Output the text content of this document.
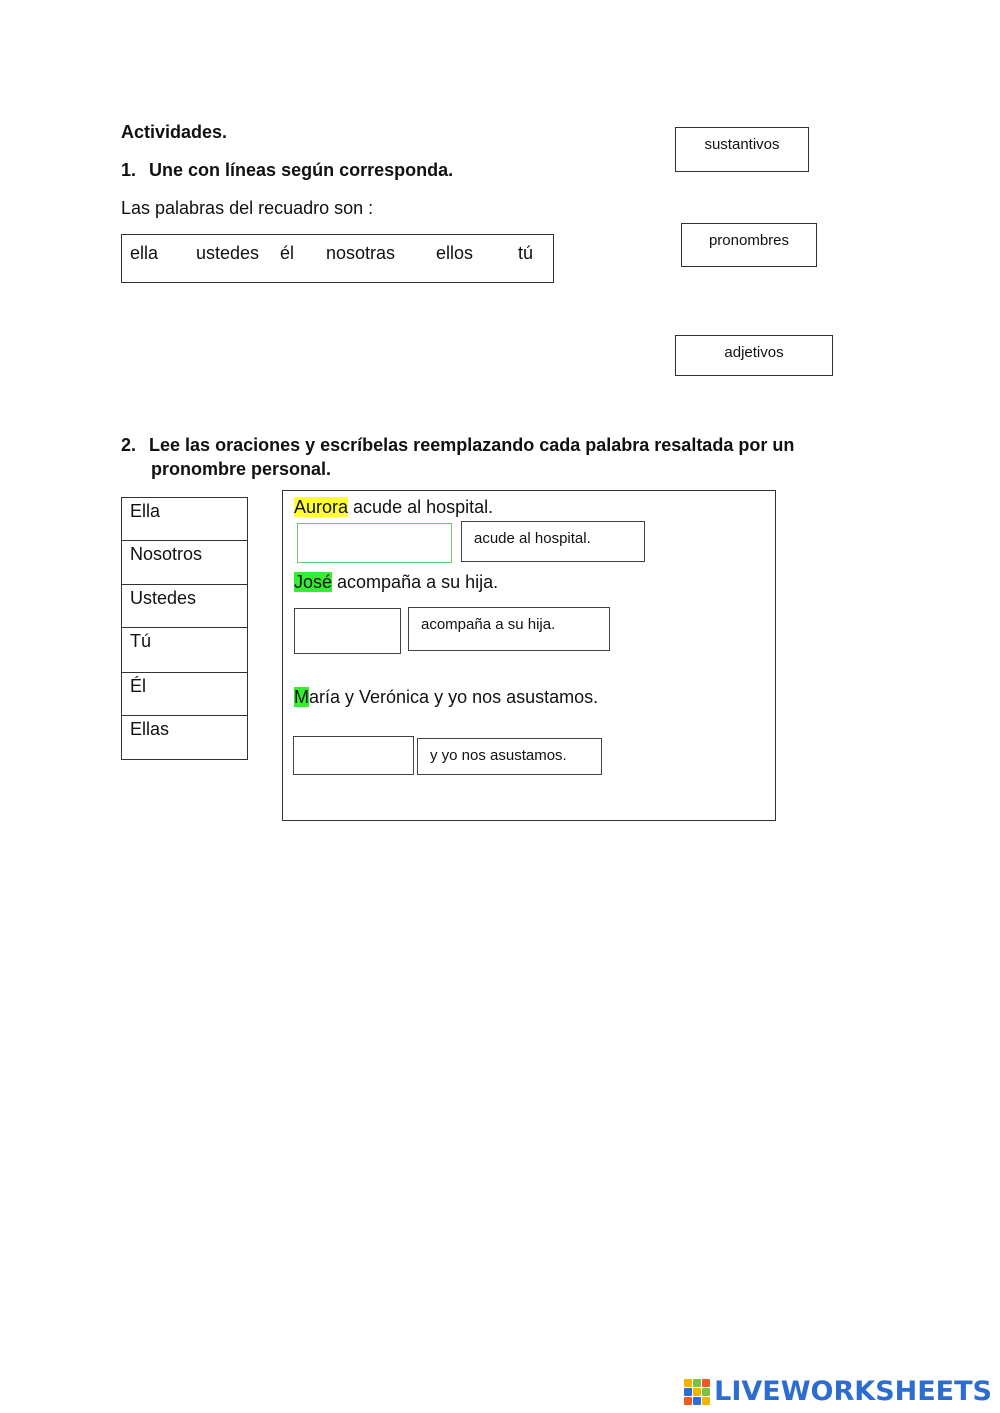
Actividades.
1. Une con líneas según corresponda.
Las palabras del recuadro son :
ella ustedes él nosotras ellos tú
sustantivos
pronombres
adjetivos
2. Lee las oraciones y escríbelas reemplazando cada palabra resaltada por un
pronombre personal.
Ella
Nosotros
Ustedes
Tú
Él
Ellas
Aurora acude al hospital.
acude al hospital.
José acompaña a su hija.
acompaña a su hija.
María y Verónica y yo nos asustamos.
y yo nos asustamos.
LIVEWORKSHEETS
